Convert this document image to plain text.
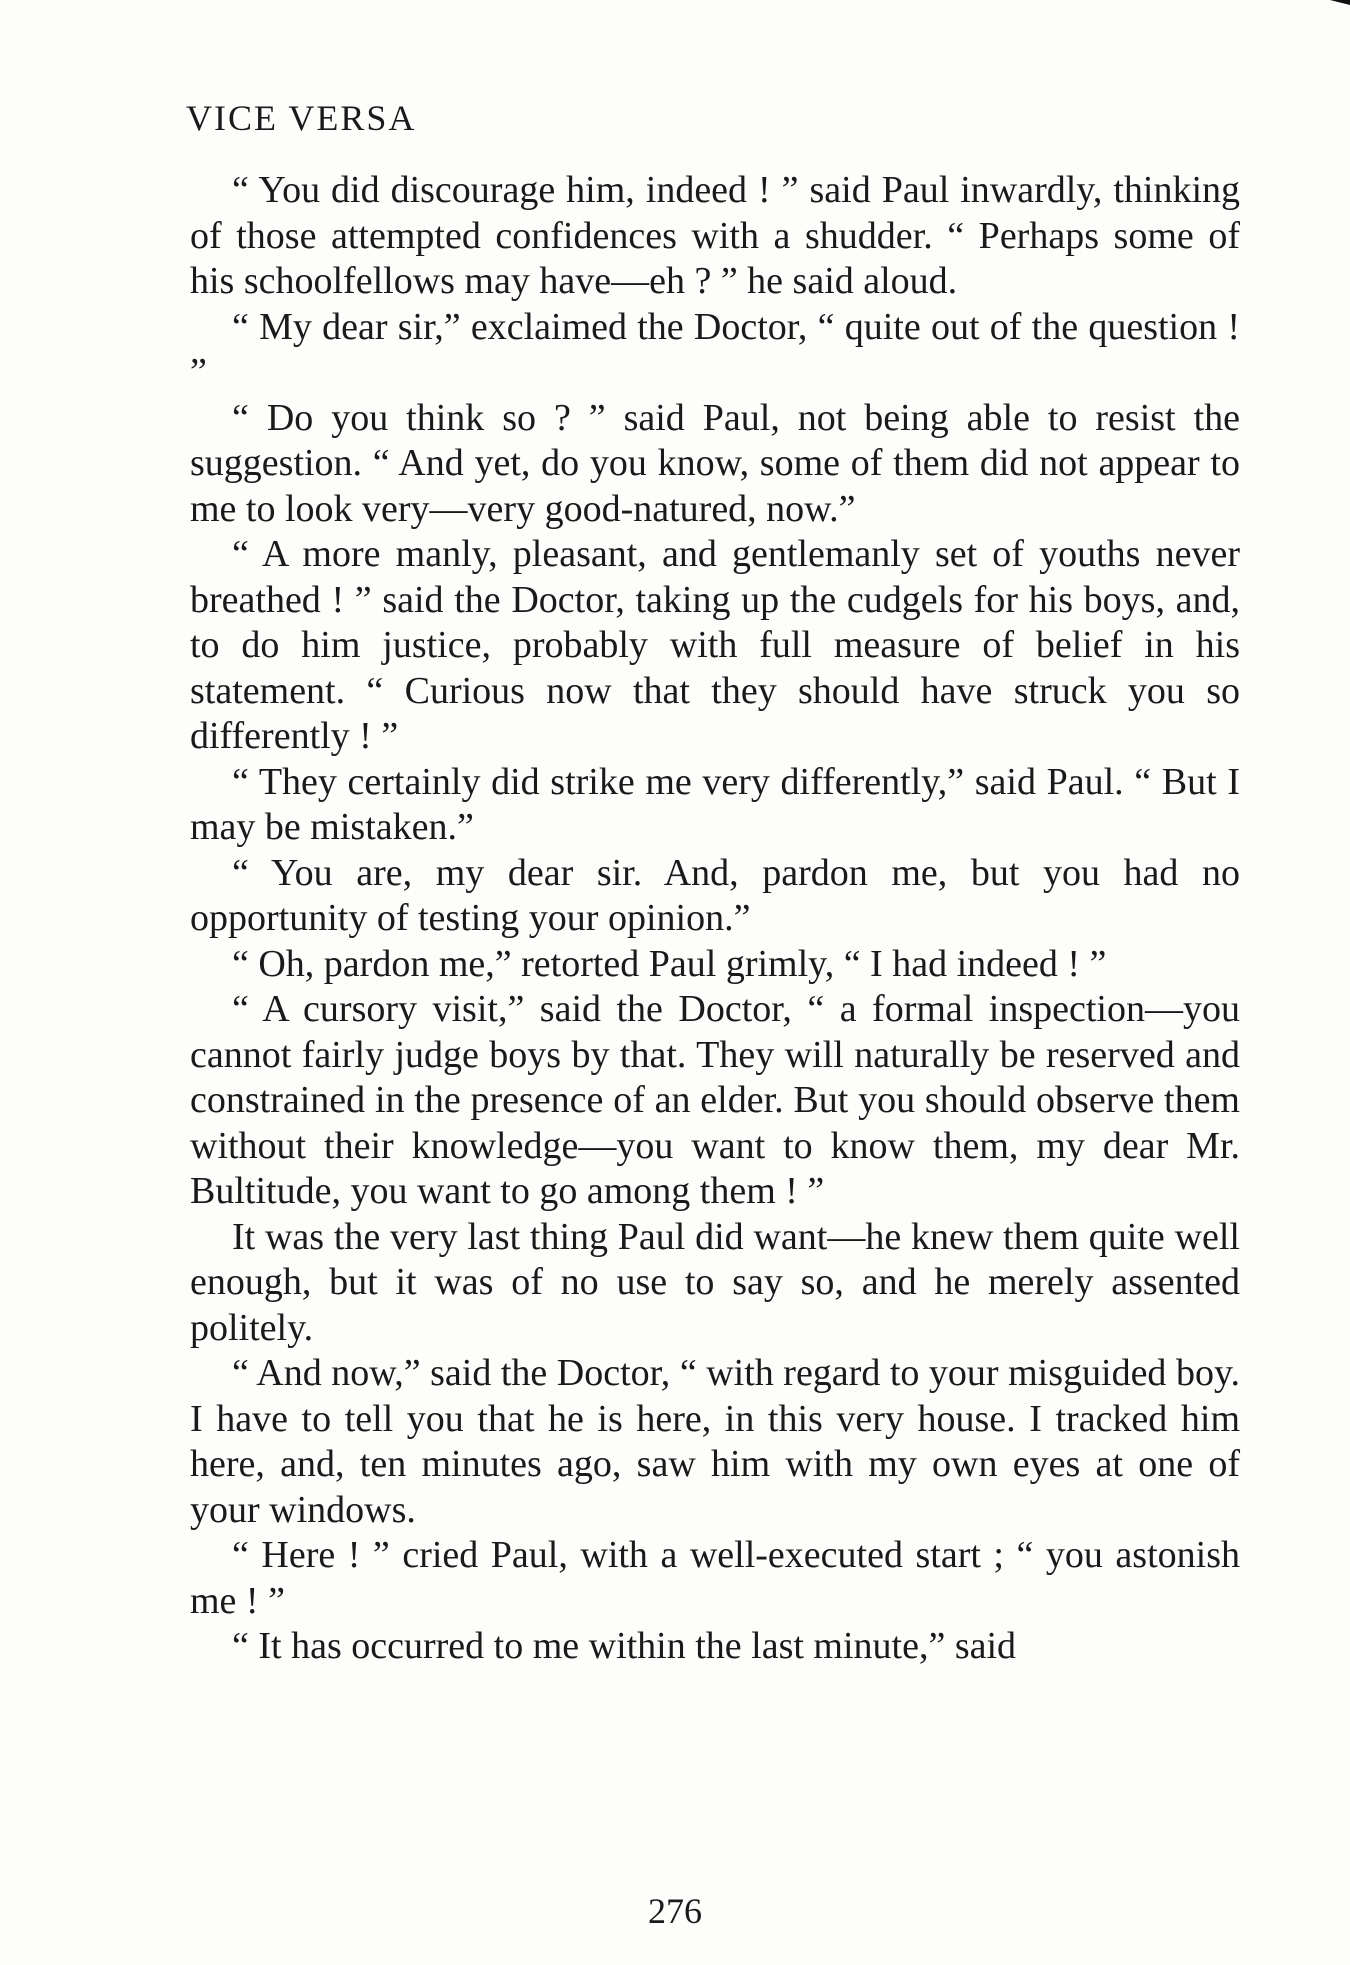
VICE VERSA

“ You did discourage him, indeed ! ” said Paul inwardly, thinking of those attempted confidences with a shudder. “ Perhaps some of his schoolfellows may have—eh ? ” he said aloud.

“ My dear sir,” exclaimed the Doctor, “ quite out of the question ! ”

“ Do you think so ? ” said Paul, not being able to resist the suggestion. “ And yet, do you know, some of them did not appear to me to look very—very good-natured, now.”

“ A more manly, pleasant, and gentlemanly set of youths never breathed ! ” said the Doctor, taking up the cudgels for his boys, and, to do him justice, probably with full measure of belief in his statement. “ Curious now that they should have struck you so differently ! ”

“ They certainly did strike me very differently,” said Paul. “ But I may be mistaken.”

“ You are, my dear sir. And, pardon me, but you had no opportunity of testing your opinion.”

“ Oh, pardon me,” retorted Paul grimly, “ I had indeed ! ”

“ A cursory visit,” said the Doctor, “ a formal inspection—you cannot fairly judge boys by that. They will naturally be reserved and constrained in the presence of an elder. But you should observe them without their knowledge—you want to know them, my dear Mr. Bultitude, you want to go among them ! ”

It was the very last thing Paul did want—he knew them quite well enough, but it was of no use to say so, and he merely assented politely.

“ And now,” said the Doctor, “ with regard to your misguided boy. I have to tell you that he is here, in this very house. I tracked him here, and, ten minutes ago, saw him with my own eyes at one of your windows.

“ Here ! ” cried Paul, with a well-executed start ; “ you astonish me ! ”

“ It has occurred to me within the last minute,” said

276
